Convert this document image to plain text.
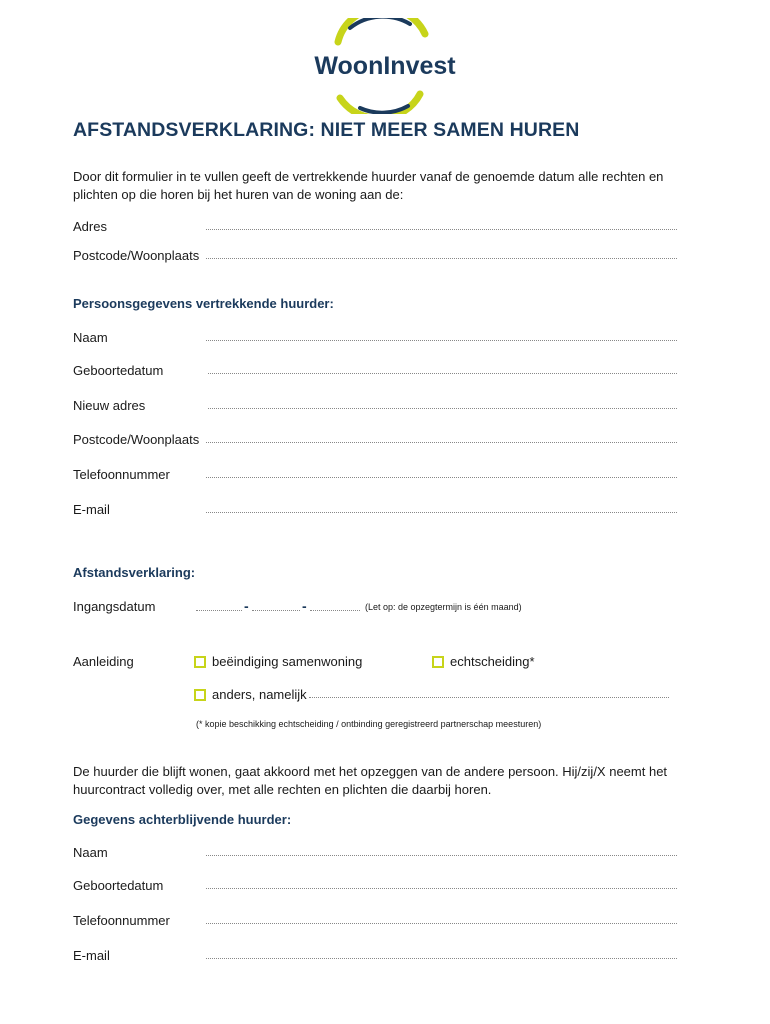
WoonInvest
AFSTANDSVERKLARING: NIET MEER SAMEN HUREN
Door dit formulier in te vullen geeft de vertrekkende huurder vanaf de genoemde datum alle rechten en plichten op die horen bij het huren van de woning aan de:
Adres
Postcode/Woonplaats
Persoonsgegevens vertrekkende huurder:
Naam
Geboortedatum
Nieuw adres
Postcode/Woonplaats
Telefoonnummer
E-mail
Afstandsverklaring:
Ingangsdatum	-	-	(Let op: de opzegtermijn is één maand)
Aanleiding	beëindiging samenwoning	echtscheiding*
anders, namelijk
(* kopie beschikking echtscheiding / ontbinding geregistreerd partnerschap meesturen)
De huurder die blijft wonen, gaat akkoord met het opzeggen van de andere persoon. Hij/zij/X neemt het huurcontract volledig over, met alle rechten en plichten die daarbij horen.
Gegevens achterblijvende huurder:
Naam
Geboortedatum
Telefoonnummer
E-mail
